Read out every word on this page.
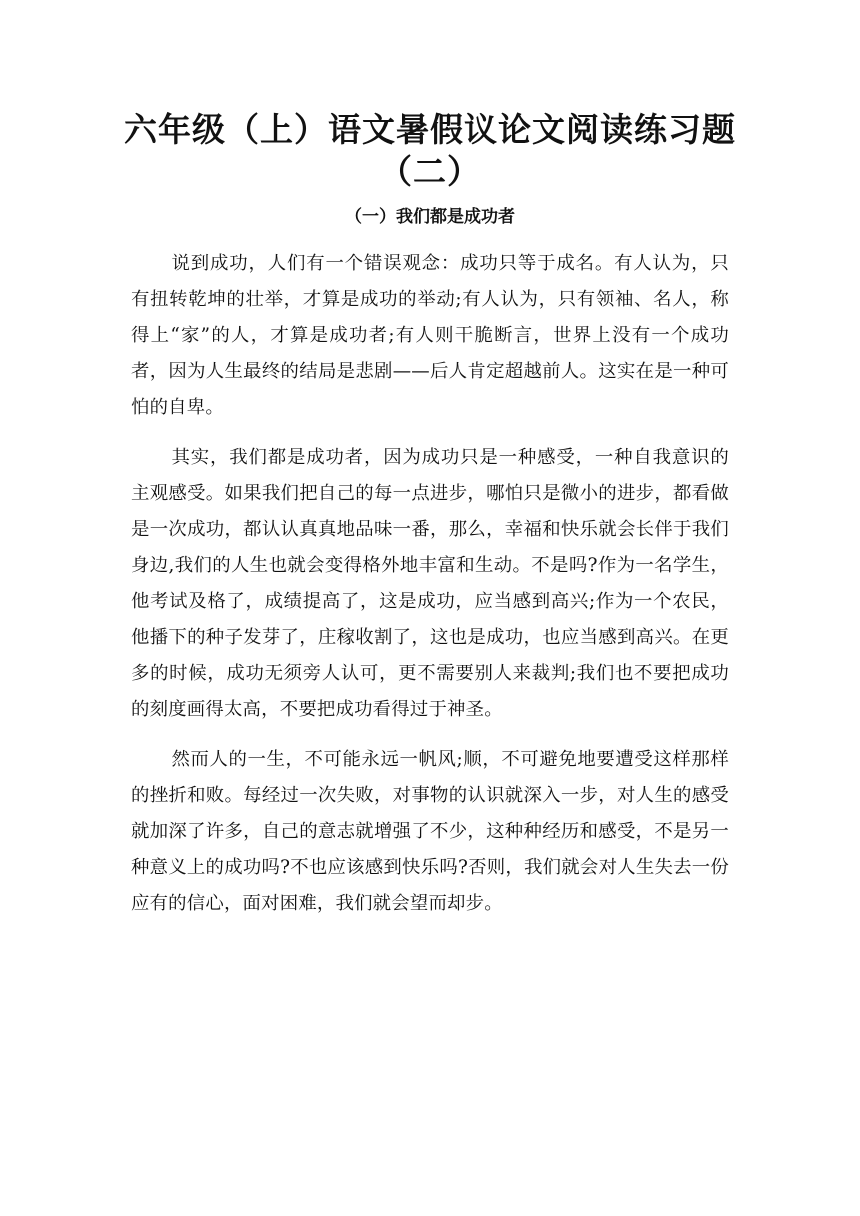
六年级（上）语文暑假议论文阅读练习题
（二）
（一）我们都是成功者

说到成功，人们有一个错误观念：成功只等于成名。有人认为，只有扭转乾坤的壮举，才算是成功的举动;有人认为，只有领袖、名人，称得上“家”的人，才算是成功者;有人则干脆断言，世界上没有一个成功者，因为人生最终的结局是悲剧——后人肯定超越前人。这实在是一种可怕的自卑。

其实，我们都是成功者，因为成功只是一种感受，一种自我意识的主观感受。如果我们把自己的每一点进步，哪怕只是微小的进步，都看做是一次成功，都认认真真地品味一番，那么，幸福和快乐就会长伴于我们身边,我们的人生也就会变得格外地丰富和生动。不是吗?作为一名学生，他考试及格了，成绩提高了，这是成功，应当感到高兴;作为一个农民，他播下的种子发芽了，庄稼收割了，这也是成功，也应当感到高兴。在更多的时候，成功无须旁人认可，更不需要别人来裁判;我们也不要把成功的刻度画得太高，不要把成功看得过于神圣。

然而人的一生，不可能永远一帆风;顺，不可避免地要遭受这样那样的挫折和败。每经过一次失败，对事物的认识就深入一步，对人生的感受就加深了许多，自己的意志就增强了不少，这种种经历和感受，不是另一种意义上的成功吗?不也应该感到快乐吗?否则，我们就会对人生失去一份应有的信心，面对困难，我们就会望而却步。
